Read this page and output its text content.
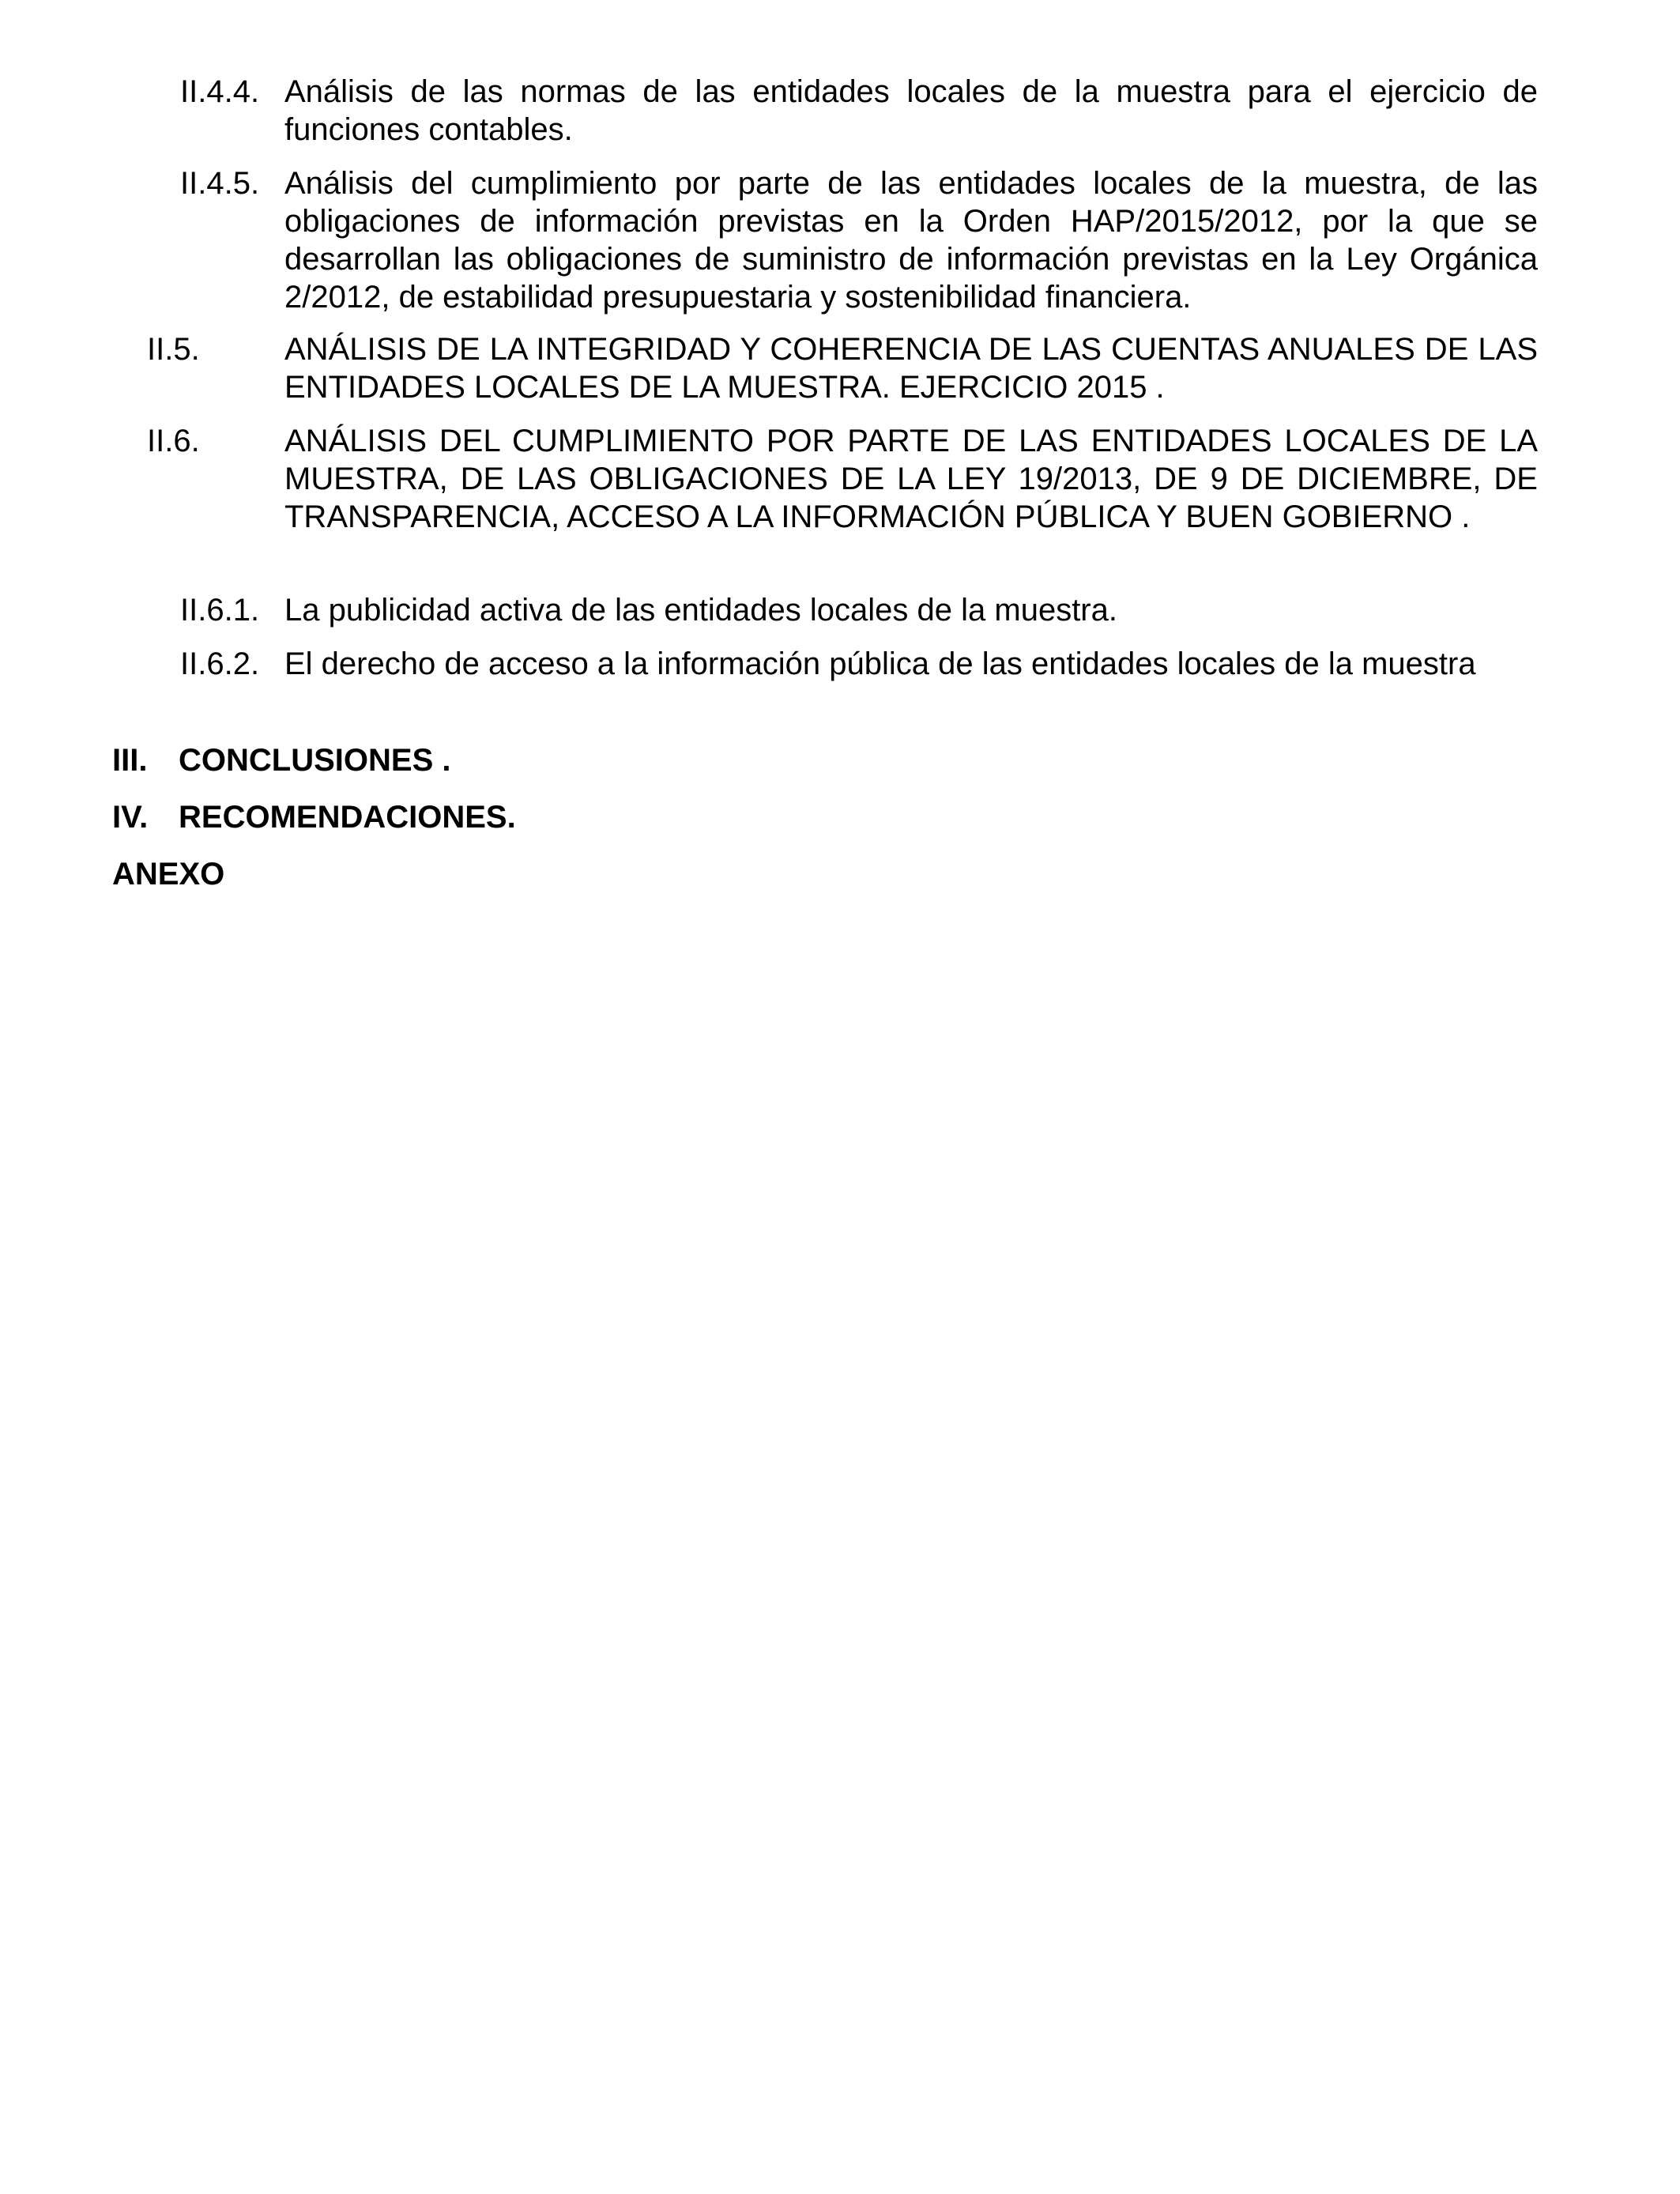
II.4.4. Análisis de las normas de las entidades locales de la muestra para el ejercicio de funciones contables.
II.4.5. Análisis del cumplimiento por parte de las entidades locales de la muestra, de las obligaciones de información previstas en la Orden HAP/2015/2012, por la que se desarrollan las obligaciones de suministro de información previstas en la Ley Orgánica 2/2012, de estabilidad presupuestaria y sostenibilidad financiera.
II.5.	ANÁLISIS DE LA INTEGRIDAD Y COHERENCIA DE LAS CUENTAS ANUALES DE LAS ENTIDADES LOCALES DE LA MUESTRA. EJERCICIO 2015 .
II.6.	ANÁLISIS DEL CUMPLIMIENTO POR PARTE DE LAS ENTIDADES LOCALES DE LA MUESTRA, DE LAS OBLIGACIONES DE LA LEY 19/2013, DE 9 DE DICIEMBRE, DE TRANSPARENCIA, ACCESO A LA INFORMACIÓN PÚBLICA Y BUEN GOBIERNO .
II.6.1. La publicidad activa de las entidades locales de la muestra.
II.6.2. El derecho de acceso a la información pública de las entidades locales de la muestra
III. CONCLUSIONES .
IV. RECOMENDACIONES.
ANEXO
